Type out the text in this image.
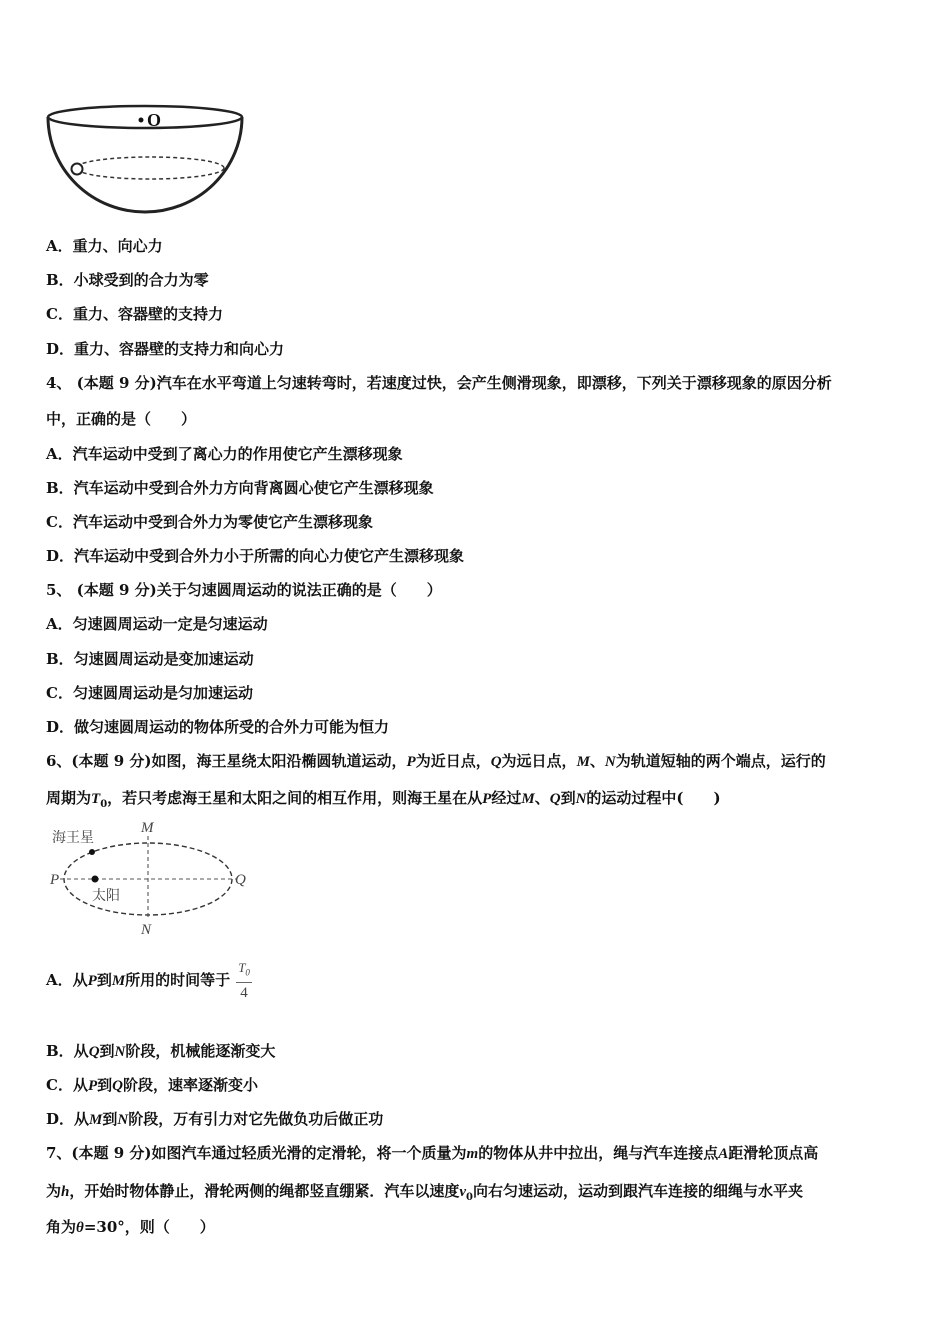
O
A．重力、向心力
B．小球受到的合力为零
C．重力、容器壁的支持力
D．重力、容器壁的支持力和向心力
4、 (本题 9 分)汽车在水平弯道上匀速转弯时，若速度过快，会产生侧滑现象，即漂移，下列关于漂移现象的原因分析
中，正确的是（　　）
A．汽车运动中受到了离心力的作用使它产生漂移现象
B．汽车运动中受到合外力方向背离圆心使它产生漂移现象
C．汽车运动中受到合外力为零使它产生漂移现象
D．汽车运动中受到合外力小于所需的向心力使它产生漂移现象
5、 (本题 9 分)关于匀速圆周运动的说法正确的是（　　）
A．匀速圆周运动一定是匀速运动
B．匀速圆周运动是变加速运动
C．匀速圆周运动是匀加速运动
D．做匀速圆周运动的物体所受的合外力可能为恒力
6、(本题 9 分)如图，海王星绕太阳沿椭圆轨道运动，P为近日点，Q为远日点，M、N为轨道短轴的两个端点，运行的
周期为$T_0$，若只考虑海王星和太阳之间的相互作用，则海王星在从P经过M、Q到N的运动过程中(　　)
海王星
太阳
M
N
P	Q
A．从P到M所用的时间等于 $\frac{T_0}{4}$
B．从Q到N阶段，机械能逐渐变大
C．从P到Q阶段，速率逐渐变小
D．从M到N阶段，万有引力对它先做负功后做正功
7、(本题 9 分)如图汽车通过轻质光滑的定滑轮，将一个质量为m的物体从井中拉出，绳与汽车连接点A距滑轮顶点高
为h，开始时物体静止，滑轮两侧的绳都竖直绷紧．汽车以速度$v_0$向右匀速运动，运动到跟汽车连接的细绳与水平夹
角为θ=30°，则（　　）
